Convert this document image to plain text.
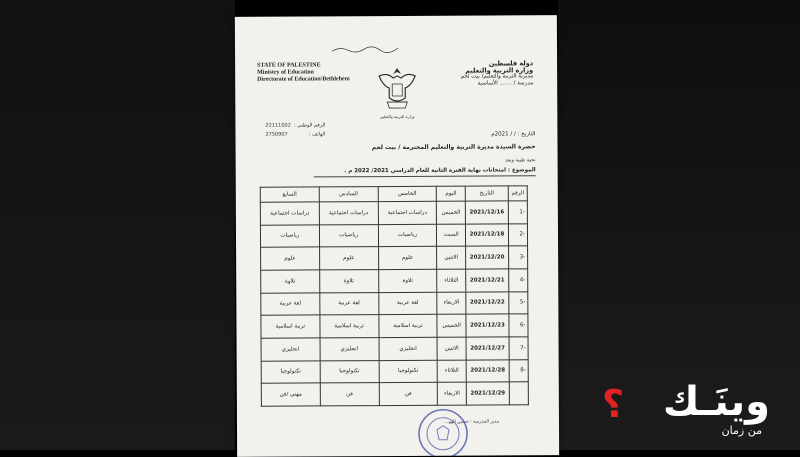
STATE OF PALESTINE
Ministry of Education
Directorate of Education\Bethlehem
وزارة التربية والتعليم
دولة فلسطين
وزارة التربية والتعليم
مديرية التربية والتعليم/ بيت لحم
مدرسة / ....... الأساسية
الرقم الوطني :
22111002
الهاتف :
2750907	التاريخ : / / 2021م
حضرة السيدة مديرة التربية والتعليم المحترمة / بيت لحم
تحية طيبة وبعد
الموضوع : امتحانات نهاية الفترة الثانية للعام الدراسي 2021/ 2022 م .
الرقم	التاريخ	اليوم	الخامس	السادس	السابع
-1	2021/12/16	الخميس	دراسات اجتماعية	دراسات اجتماعية	دراسات اجتماعية
-2	2021/12/18	السبت	رياضيات	رياضيات	رياضيات
-3	2021/12/20	الاثنين	علوم	علوم	علوم
-4	2021/12/21	الثلاثاء	تلاوة	تلاوة	تلاوة
-5	2021/12/22	الاربعاء	لغة عربية	لغة عربية	لغة عربية
-6	2021/12/23	الخميس	تربية اسلامية	تربية اسلامية	تربية اسلامية
-7	2021/12/27	الاثنين	انجليزي	انجليزي	انجليزي
-8	2021/12/28	الثلاثاء	تكنولوجيا	تكنولوجيا	تكنولوجيا
	2021/12/29	الاربعاء	فن	فن	مهني /فن
مدير المدرسة : حسين الهو...	وينَـك
؟
من زمان
